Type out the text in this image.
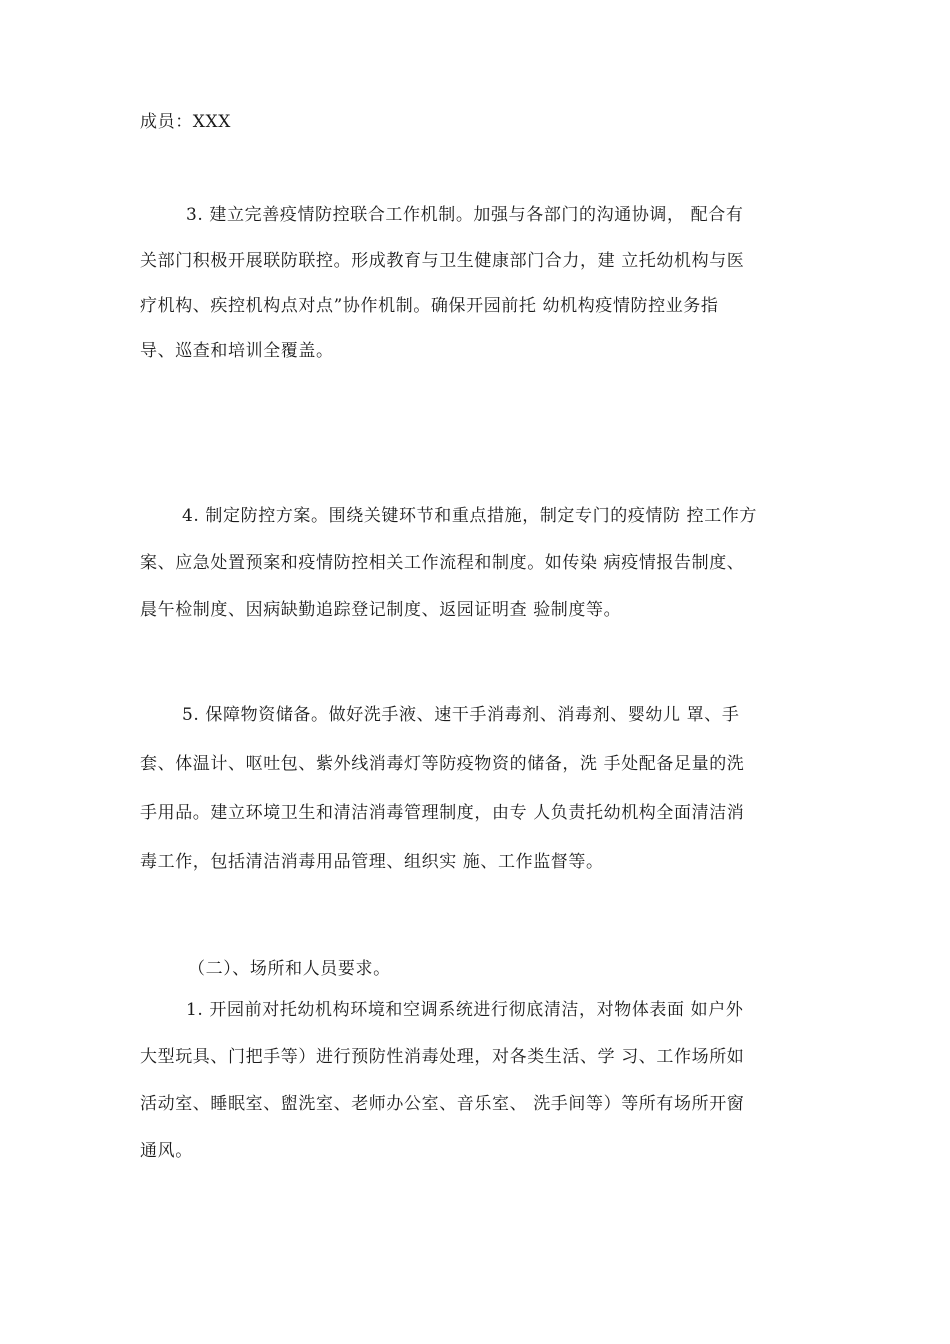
成员：XXX
3. 建立完善疫情防控联合工作机制。加强与各部门的沟通协调， 配合有
关部门积极开展联防联控。形成教育与卫生健康部门合力，建 立托幼机构与医
疗机构、疾控机构点对点”协作机制。确保开园前托 幼机构疫情防控业务指
导、巡查和培训全覆盖。
4. 制定防控方案。围绕关键环节和重点措施，制定专门的疫情防 控工作方
案、应急处置预案和疫情防控相关工作流程和制度。如传染 病疫情报告制度、
晨午检制度、因病缺勤追踪登记制度、返园证明查 验制度等。
5. 保障物资储备。做好洗手液、速干手消毒剂、消毒剂、婴幼儿 罩、手
套、体温计、呕吐包、紫外线消毒灯等防疫物资的储备，洗 手处配备足量的洗
手用品。建立环境卫生和清洁消毒管理制度，由专 人负责托幼机构全面清洁消
毒工作，包括清洁消毒用品管理、组织实 施、工作监督等。
（二）、场所和人员要求。
1. 开园前对托幼机构环境和空调系统进行彻底清洁，对物体表面 如户外
大型玩具、门把手等）进行预防性消毒处理，对各类生活、学 习、工作场所如
活动室、睡眠室、盥洗室、老师办公室、音乐室、 洗手间等）等所有场所开窗
通风。
